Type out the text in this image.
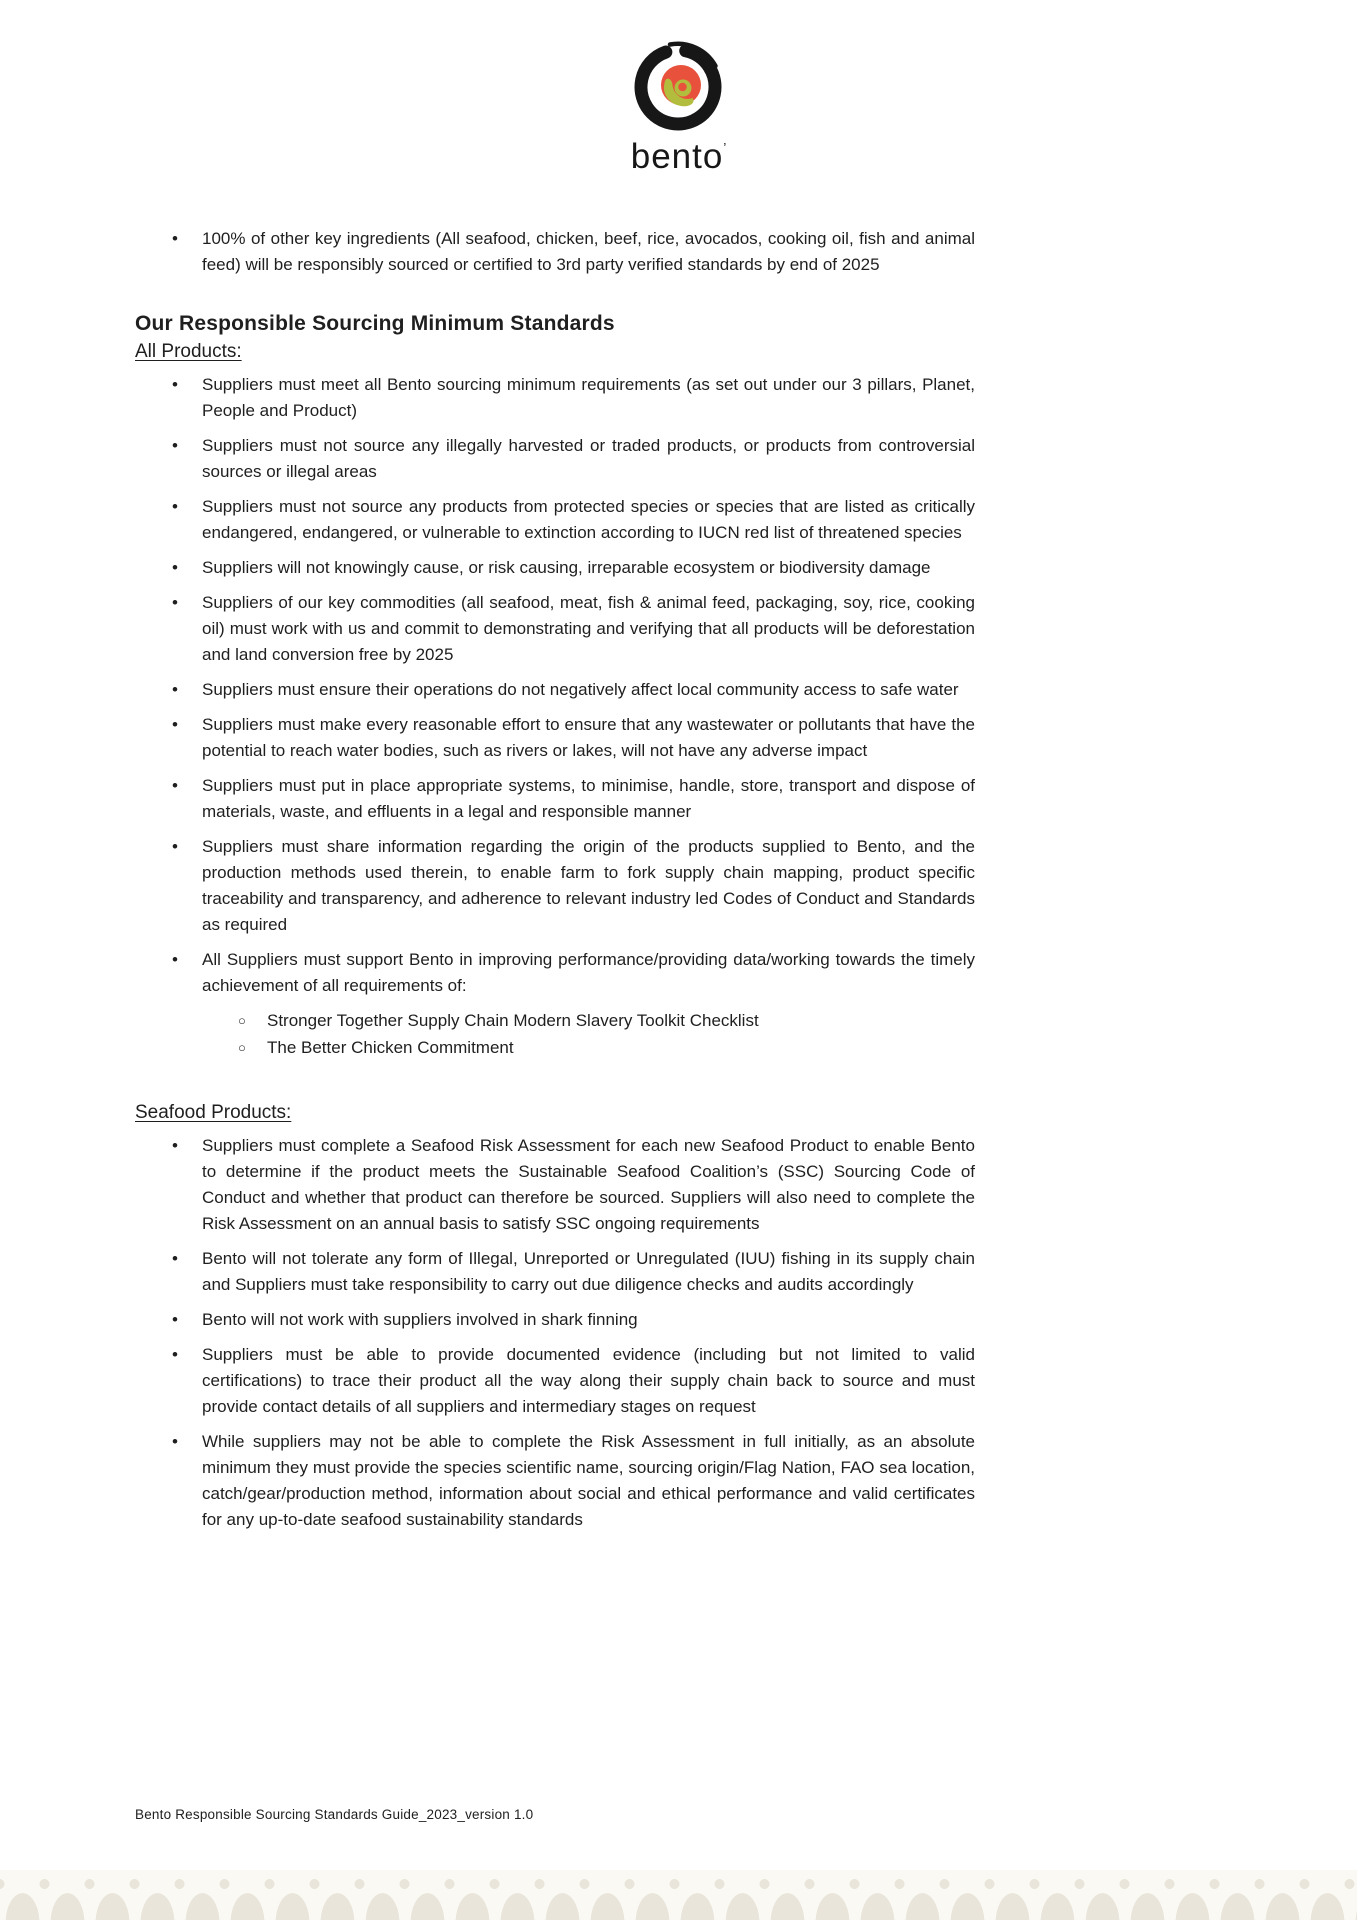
bento’
• 100% of other key ingredients (All seafood, chicken, beef, rice, avocados, cooking oil, fish and animal feed) will be responsibly sourced or certified to 3rd party verified standards by end of 2025
Our Responsible Sourcing Minimum Standards
All Products:
• Suppliers must meet all Bento sourcing minimum requirements (as set out under our 3 pillars, Planet, People and Product)
• Suppliers must not source any illegally harvested or traded products, or products from controversial sources or illegal areas
• Suppliers must not source any products from protected species or species that are listed as critically endangered, endangered, or vulnerable to extinction according to IUCN red list of threatened species
• Suppliers will not knowingly cause, or risk causing, irreparable ecosystem or biodiversity damage
• Suppliers of our key commodities (all seafood, meat, fish & animal feed, packaging, soy, rice, cooking oil) must work with us and commit to demonstrating and verifying that all products will be deforestation and land conversion free by 2025
• Suppliers must ensure their operations do not negatively affect local community access to safe water
• Suppliers must make every reasonable effort to ensure that any wastewater or pollutants that have the potential to reach water bodies, such as rivers or lakes, will not have any adverse impact
• Suppliers must put in place appropriate systems, to minimise, handle, store, transport and dispose of materials, waste, and effluents in a legal and responsible manner
• Suppliers must share information regarding the origin of the products supplied to Bento, and the production methods used therein, to enable farm to fork supply chain mapping, product specific traceability and transparency, and adherence to relevant industry led Codes of Conduct and Standards as required
• All Suppliers must support Bento in improving performance/providing data/working towards the timely achievement of all requirements of:
○ Stronger Together Supply Chain Modern Slavery Toolkit Checklist
○ The Better Chicken Commitment
Seafood Products:
• Suppliers must complete a Seafood Risk Assessment for each new Seafood Product to enable Bento to determine if the product meets the Sustainable Seafood Coalition’s (SSC) Sourcing Code of Conduct and whether that product can therefore be sourced. Suppliers will also need to complete the Risk Assessment on an annual basis to satisfy SSC ongoing requirements
• Bento will not tolerate any form of Illegal, Unreported or Unregulated (IUU) fishing in its supply chain and Suppliers must take responsibility to carry out due diligence checks and audits accordingly
• Bento will not work with suppliers involved in shark finning
• Suppliers must be able to provide documented evidence (including but not limited to valid certifications) to trace their product all the way along their supply chain back to source and must provide contact details of all suppliers and intermediary stages on request
• While suppliers may not be able to complete the Risk Assessment in full initially, as an absolute minimum they must provide the species scientific name, sourcing origin/Flag Nation, FAO sea location, catch/gear/production method, information about social and ethical performance and valid certificates for any up-to-date seafood sustainability standards
Bento Responsible Sourcing Standards Guide_2023_version 1.0
